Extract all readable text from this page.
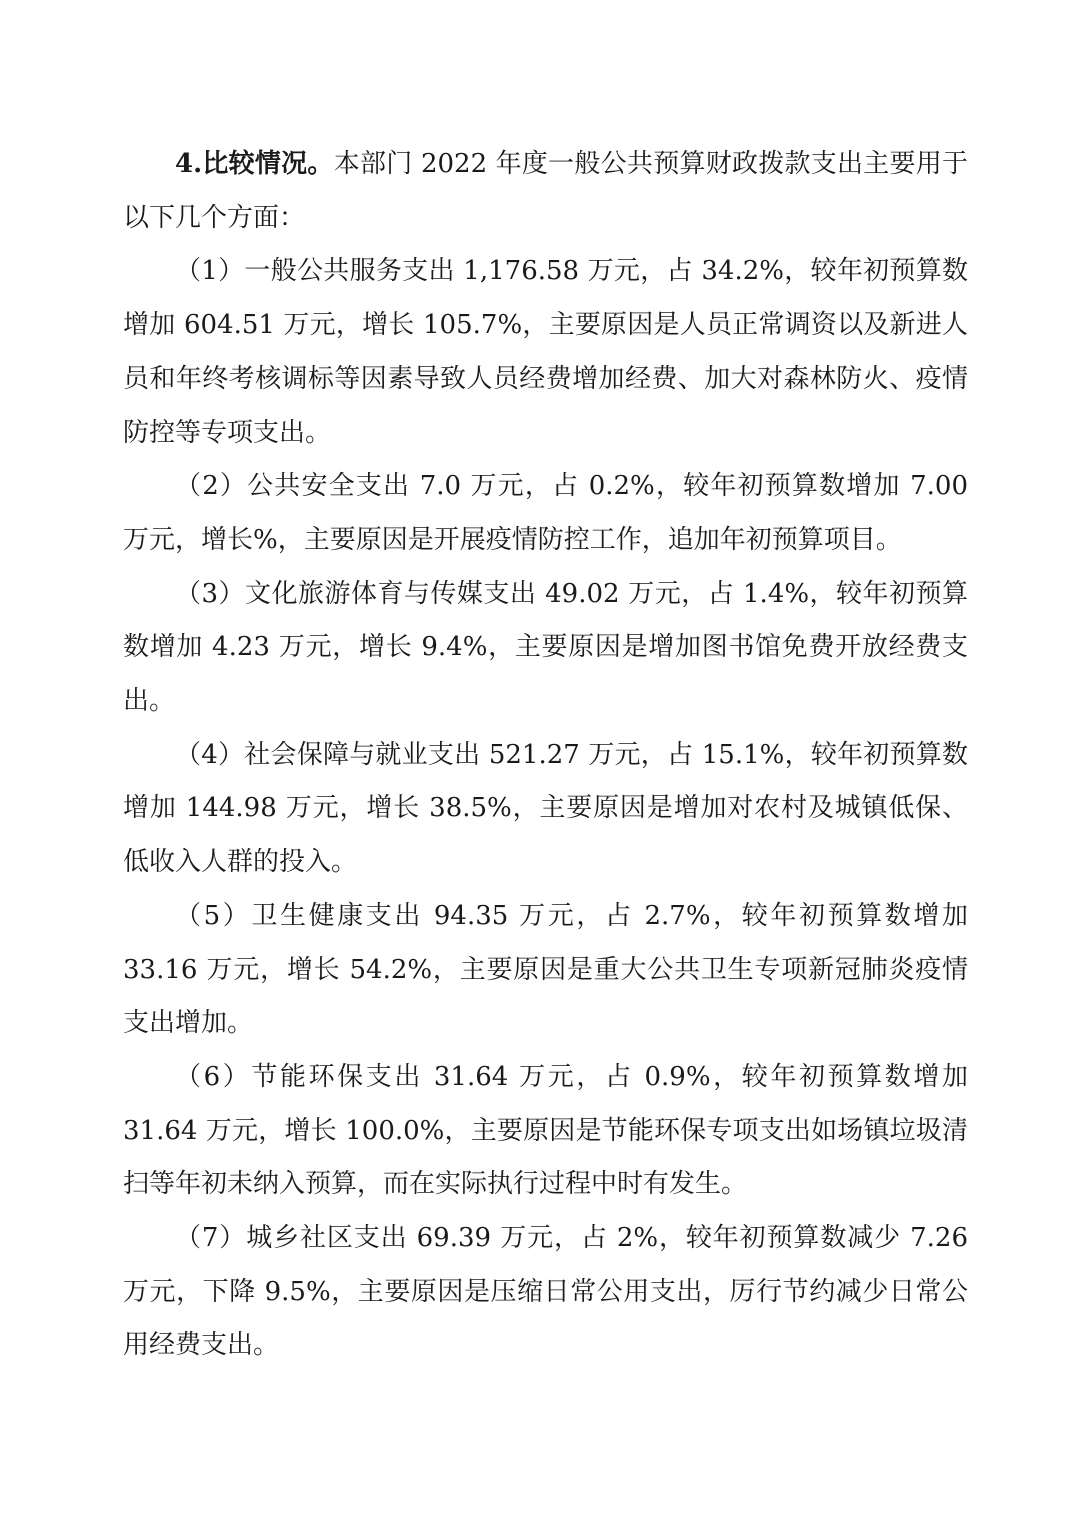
4.比较情况。本部门 2022 年度一般公共预算财政拨款支出主要用于以下几个方面：

（1）一般公共服务支出 1,176.58 万元，占 34.2%，较年初预算数增加 604.51 万元，增长 105.7%，主要原因是人员正常调资以及新进人员和年终考核调标等因素导致人员经费增加经费、加大对森林防火、疫情防控等专项支出。

（2）公共安全支出 7.0 万元，占 0.2%，较年初预算数增加 7.00 万元，增长%，主要原因是开展疫情防控工作，追加年初预算项目。

（3）文化旅游体育与传媒支出 49.02 万元，占 1.4%，较年初预算数增加 4.23 万元，增长 9.4%，主要原因是增加图书馆免费开放经费支出。

（4）社会保障与就业支出 521.27 万元，占 15.1%，较年初预算数增加 144.98 万元，增长 38.5%，主要原因是增加对农村及城镇低保、低收入人群的投入。

（5）卫生健康支出 94.35 万元，占 2.7%，较年初预算数增加 33.16 万元，增长 54.2%，主要原因是重大公共卫生专项新冠肺炎疫情支出增加。

（6）节能环保支出 31.64 万元，占 0.9%，较年初预算数增加 31.64 万元，增长 100.0%，主要原因是节能环保专项支出如场镇垃圾清扫等年初未纳入预算，而在实际执行过程中时有发生。

（7）城乡社区支出 69.39 万元，占 2%，较年初预算数减少 7.26 万元，下降 9.5%，主要原因是压缩日常公用支出，厉行节约减少日常公用经费支出。
